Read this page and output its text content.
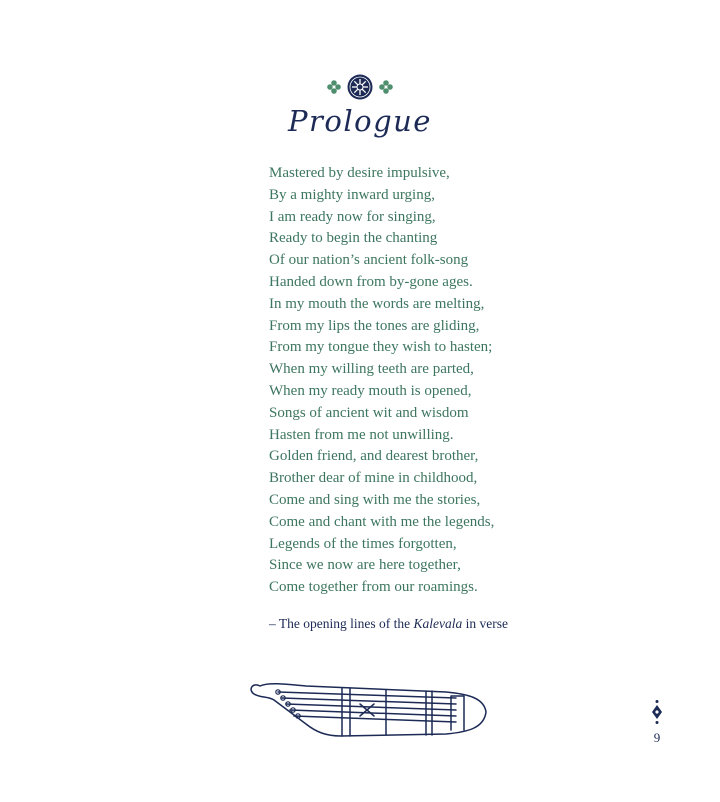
Prologue
Mastered by desire impulsive,
By a mighty inward urging,
I am ready now for singing,
Ready to begin the chanting
Of our nation’s ancient folk-song
Handed down from by-gone ages.
In my mouth the words are melting,
From my lips the tones are gliding,
From my tongue they wish to hasten;
When my willing teeth are parted,
When my ready mouth is opened,
Songs of ancient wit and wisdom
Hasten from me not unwilling.
Golden friend, and dearest brother,
Brother dear of mine in childhood,
Come and sing with me the stories,
Come and chant with me the legends,
Legends of the times forgotten,
Since we now are here together,
Come together from our roamings.
– The opening lines of the Kalevala in verse
9
